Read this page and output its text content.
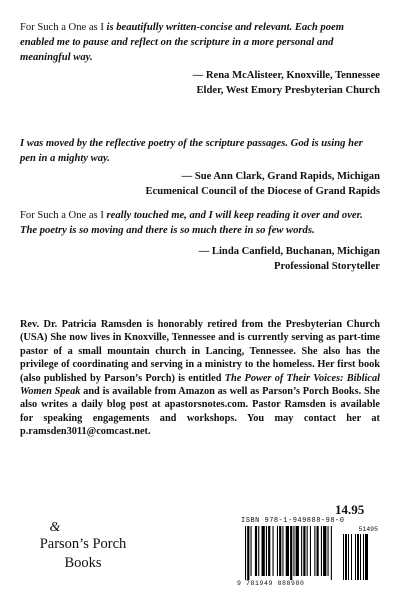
For Such a One as I is beautifully written-concise and relevant. Each poem enabled me to pause and reflect on the scripture in a more personal and meaningful way.

— Rena McAlisteer, Knoxville, Tennessee
Elder, West Emory Presbyterian Church

I was moved by the reflective poetry of the scripture passages. God is using her pen in a mighty way.

— Sue Ann Clark, Grand Rapids, Michigan
Ecumenical Council of the Diocese of Grand Rapids

For Such a One as I really touched me, and I will keep reading it over and over. The poetry is so moving and there is so much there in so few words.

— Linda Canfield, Buchanan, Michigan
Professional Storyteller

Rev. Dr. Patricia Ramsden is honorably retired from the Presbyterian Church (USA) She now lives in Knoxville, Tennessee and is currently serving as part-time pastor of a small mountain church in Lancing, Tennessee. She also has the privilege of coordinating and serving in a ministry to the homeless. Her first book (also published by Parson’s Porch) is entitled The Power of Their Voices: Biblical Women Speak and is available from Amazon as well as Parson’s Porch Books. She also writes a daily blog post at apastorsnotes.com. Pastor Ramsden is available for speaking engagements and workshops. You may contact her at p.ramsden3011@comcast.net.

14.95
&
Parson’s Porch
Books
ISBN 978-1-949888-98-0
9 781949 888980
51495
